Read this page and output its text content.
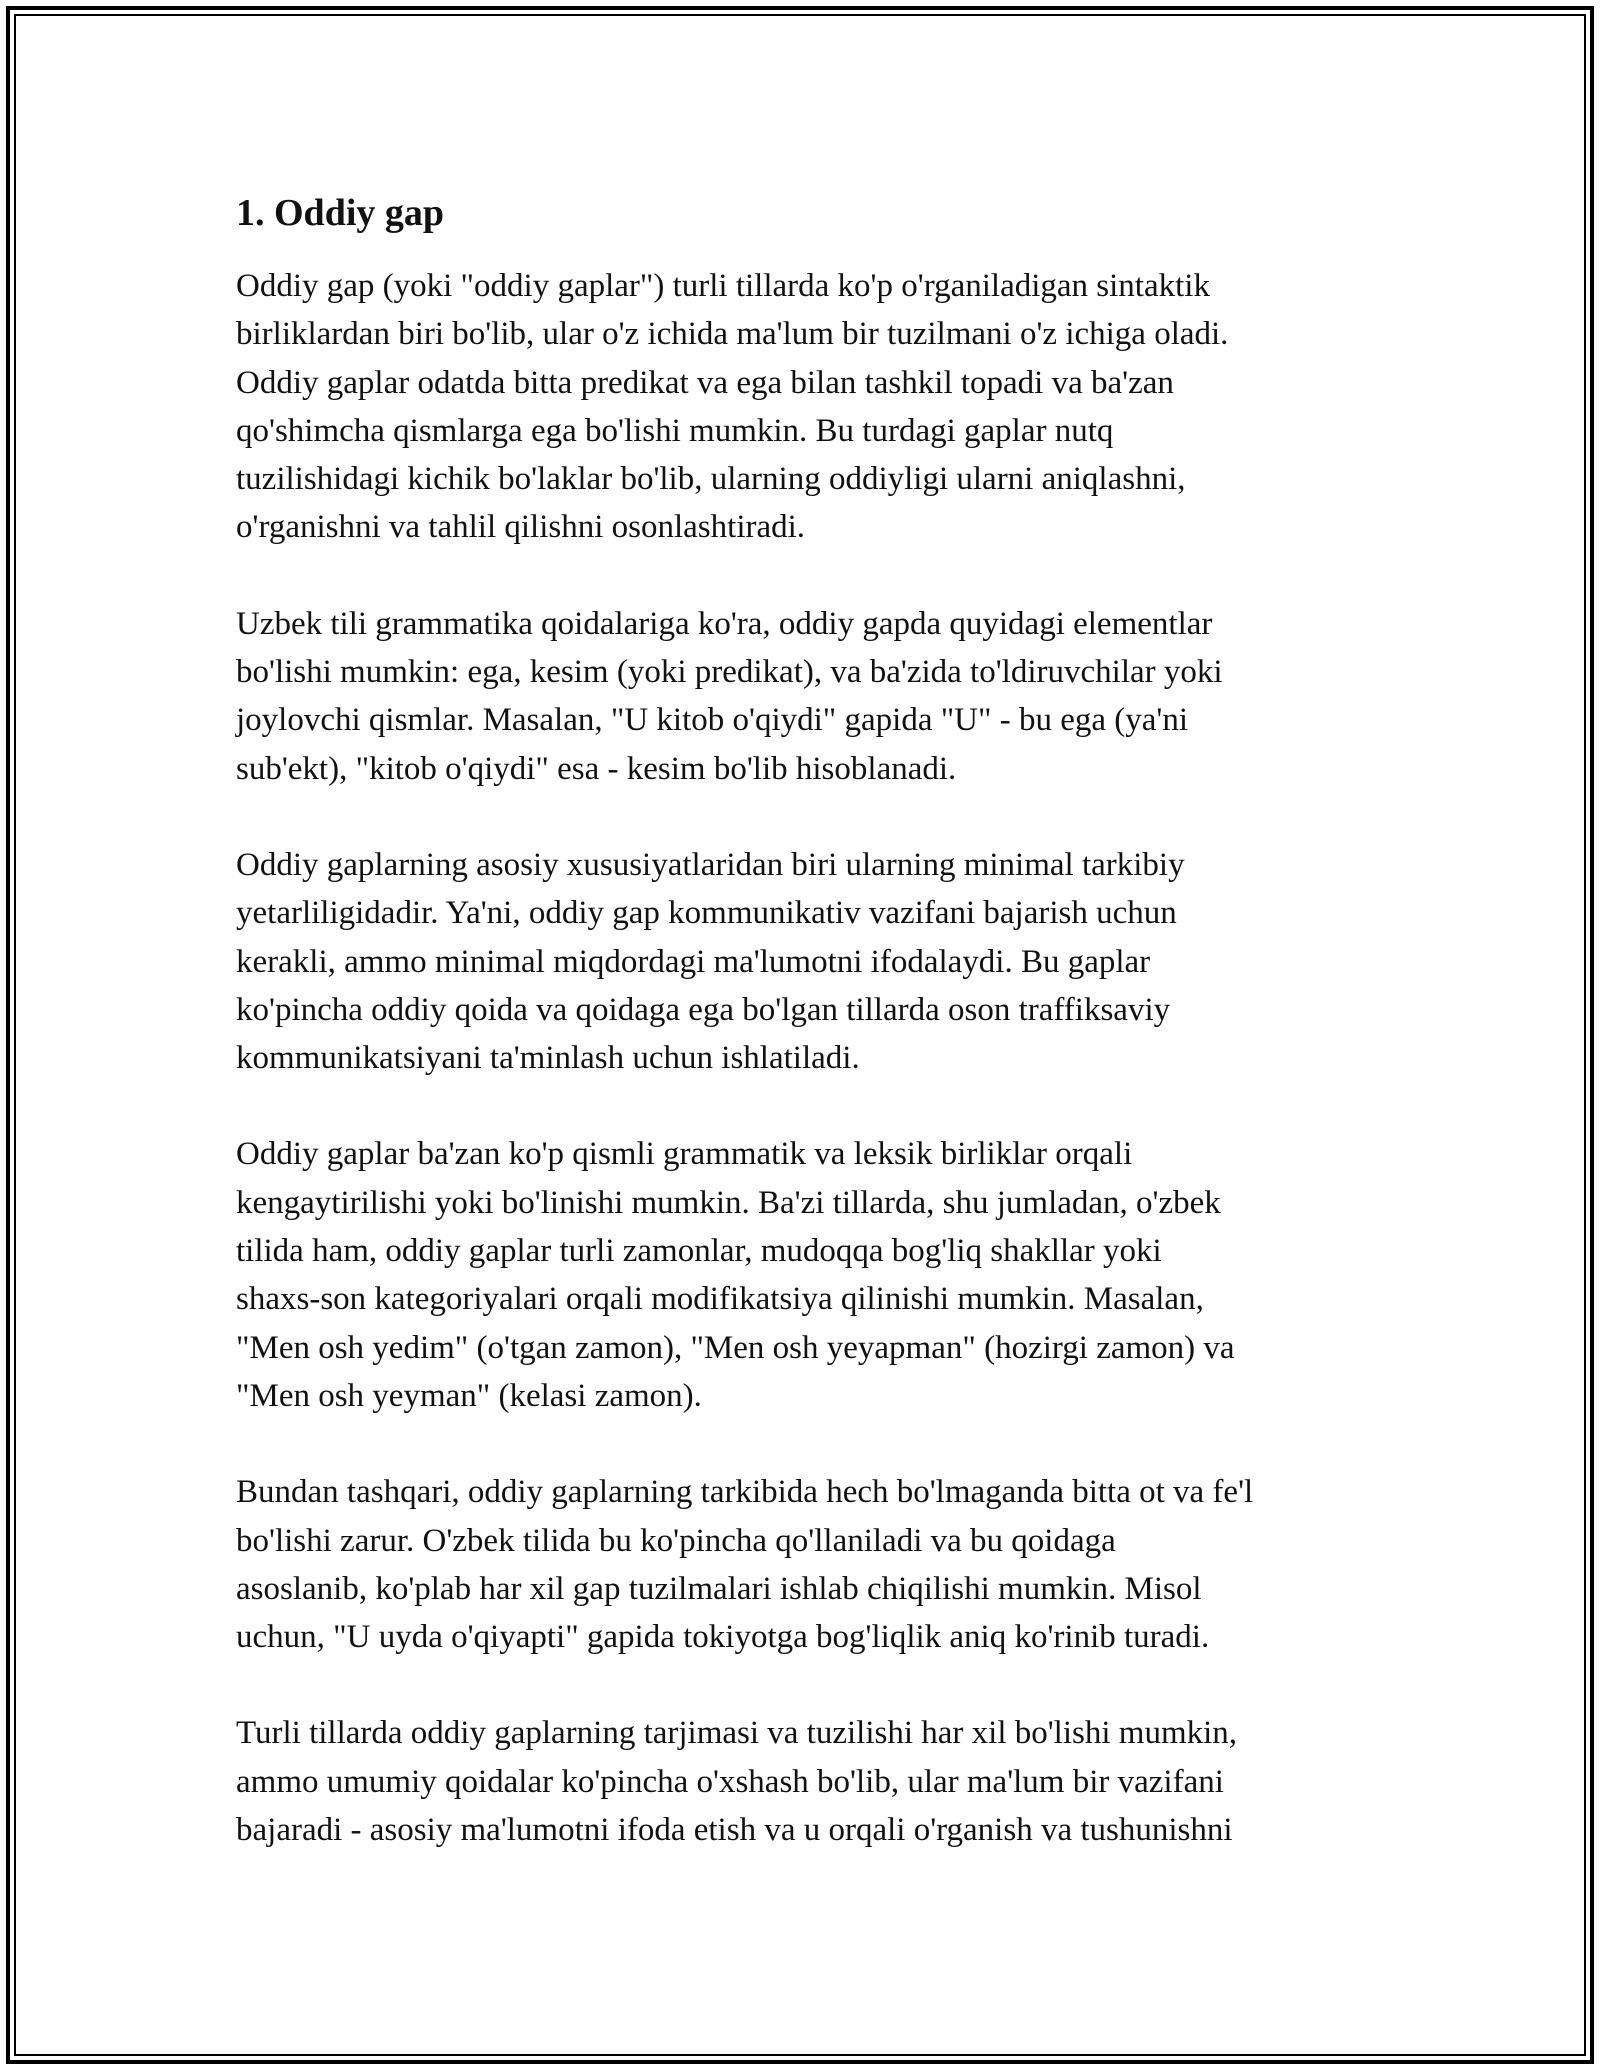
1. Oddiy gap

Oddiy gap (yoki "oddiy gaplar") turli tillarda ko'p o'rganiladigan sintaktik
birliklardan biri bo'lib, ular o'z ichida ma'lum bir tuzilmani o'z ichiga oladi.
Oddiy gaplar odatda bitta predikat va ega bilan tashkil topadi va ba'zan
qo'shimcha qismlarga ega bo'lishi mumkin. Bu turdagi gaplar nutq
tuzilishidagi kichik bo'laklar bo'lib, ularning oddiyligi ularni aniqlashni,
o'rganishni va tahlil qilishni osonlashtiradi.

Uzbek tili grammatika qoidalariga ko'ra, oddiy gapda quyidagi elementlar
bo'lishi mumkin: ega, kesim (yoki predikat), va ba'zida to'ldiruvchilar yoki
joylovchi qismlar. Masalan, "U kitob o'qiydi" gapida "U" - bu ega (ya'ni
sub'ekt), "kitob o'qiydi" esa - kesim bo'lib hisoblanadi.

Oddiy gaplarning asosiy xususiyatlaridan biri ularning minimal tarkibiy
yetarliligidadir. Ya'ni, oddiy gap kommunikativ vazifani bajarish uchun
kerakli, ammo minimal miqdordagi ma'lumotni ifodalaydi. Bu gaplar
ko'pincha oddiy qoida va qoidaga ega bo'lgan tillarda oson traffiksaviy
kommunikatsiyani ta'minlash uchun ishlatiladi.

Oddiy gaplar ba'zan ko'p qismli grammatik va leksik birliklar orqali
kengaytirilishi yoki bo'linishi mumkin. Ba'zi tillarda, shu jumladan, o'zbek
tilida ham, oddiy gaplar turli zamonlar, mudoqqa bog'liq shakllar yoki
shaxs-son kategoriyalari orqali modifikatsiya qilinishi mumkin. Masalan,
"Men osh yedim" (o'tgan zamon), "Men osh yeyapman" (hozirgi zamon) va
"Men osh yeyman" (kelasi zamon).

Bundan tashqari, oddiy gaplarning tarkibida hech bo'lmaganda bitta ot va fe'l
bo'lishi zarur. O'zbek tilida bu ko'pincha qo'llaniladi va bu qoidaga
asoslanib, ko'plab har xil gap tuzilmalari ishlab chiqilishi mumkin. Misol
uchun, "U uyda o'qiyapti" gapida tokiyotga bog'liqlik aniq ko'rinib turadi.

Turli tillarda oddiy gaplarning tarjimasi va tuzilishi har xil bo'lishi mumkin,
ammo umumiy qoidalar ko'pincha o'xshash bo'lib, ular ma'lum bir vazifani
bajaradi - asosiy ma'lumotni ifoda etish va u orqali o'rganish va tushunishni
